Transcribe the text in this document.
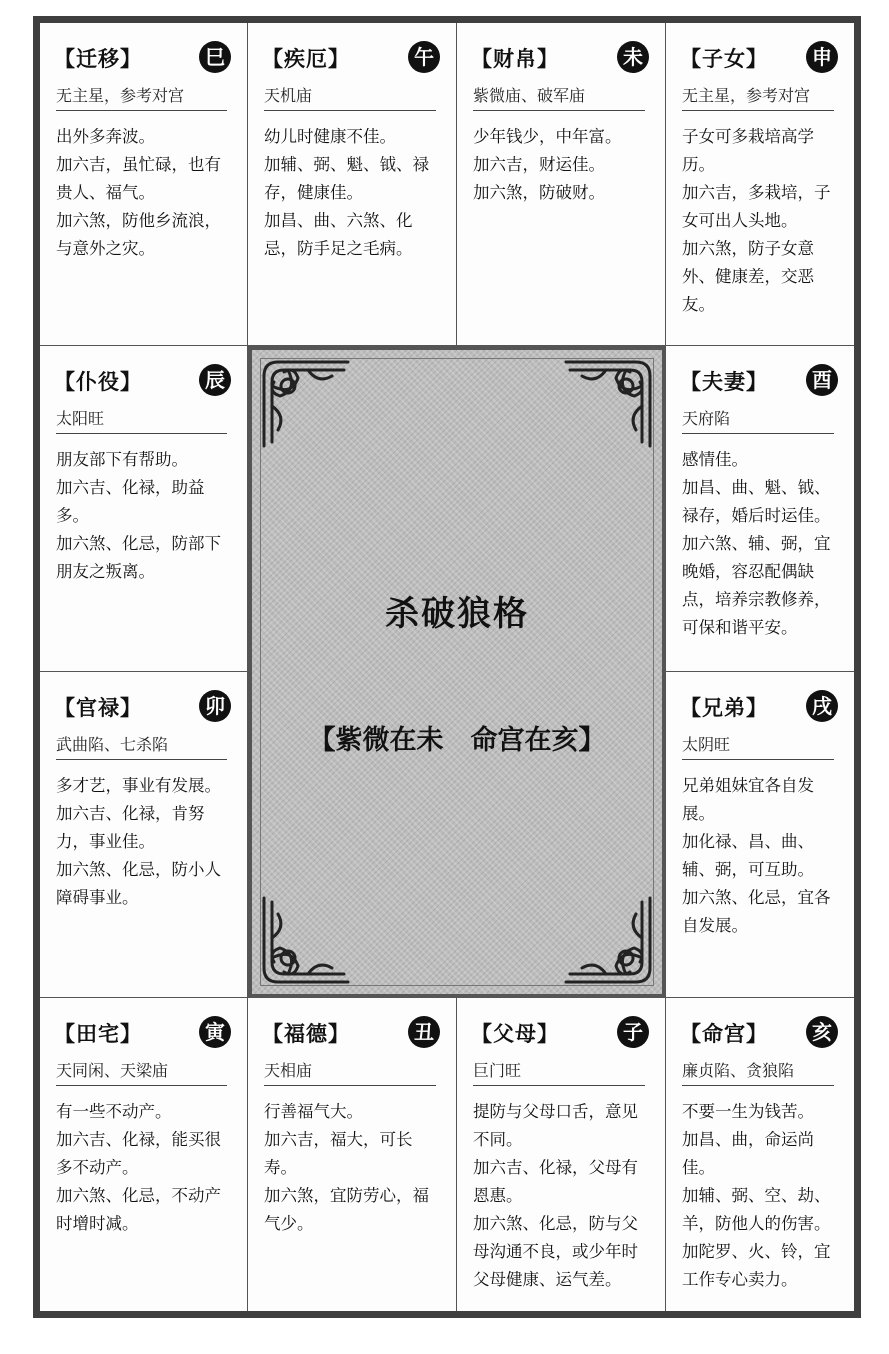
【迁移】	巳
无主星，参考对宫

出外多奔波。

加六吉，虽忙碌，也有贵人、福气。

加六煞，防他乡流浪，与意外之灾。

【疾厄】	午
天机庙

幼儿时健康不佳。

加辅、弼、魁、钺、禄存，健康佳。

加昌、曲、六煞、化忌，防手足之毛病。

【财帛】	未
紫微庙、破军庙

少年钱少，中年富。

加六吉，财运佳。

加六煞，防破财。

【子女】	申
无主星，参考对宫

子女可多栽培高学历。

加六吉，多栽培，子女可出人头地。

加六煞，防子女意外、健康差，交恶友。

【仆役】	辰
太阳旺

朋友部下有帮助。

加六吉、化禄，助益多。

加六煞、化忌，防部下朋友之叛离。

【夫妻】	酉
天府陷

感情佳。

加昌、曲、魁、钺、禄存，婚后时运佳。

加六煞、辅、弼，宜晚婚，容忍配偶缺点，培养宗教修养，可保和谐平安。

【官禄】	卯
武曲陷、七杀陷

多才艺，事业有发展。

加六吉、化禄，肯努力，事业佳。

加六煞、化忌，防小人障碍事业。

【兄弟】	戌
太阴旺

兄弟姐妹宜各自发展。

加化禄、昌、曲、辅、弼，可互助。

加六煞、化忌，宜各自发展。

【田宅】	寅
天同闲、天梁庙

有一些不动产。

加六吉、化禄，能买很多不动产。

加六煞、化忌，不动产时增时减。

【福德】	丑
天相庙

行善福气大。

加六吉，福大，可长寿。

加六煞，宜防劳心，福气少。

【父母】	子
巨门旺

提防与父母口舌，意见不同。

加六吉、化禄，父母有恩惠。

加六煞、化忌，防与父母沟通不良，或少年时父母健康、运气差。

【命宫】	亥
廉贞陷、贪狼陷

不要一生为钱苦。

加昌、曲，命运尚佳。

加辅、弼、空、劫、羊，防他人的伤害。

加陀罗、火、铃，宜工作专心卖力。

杀破狼格
【紫微在未　命宫在亥】
